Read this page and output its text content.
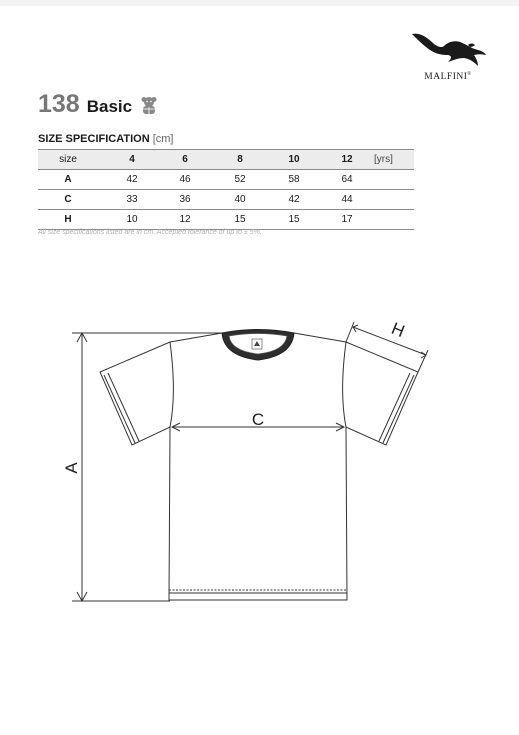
MALFINI®
138 Basic
SIZE SPECIFICATION [cm]
size	4	6	8	10	12	[yrs]
A	42	46	52	58	64
C	33	36	40	42	44
H	10	12	15	15	17
All size specifications listed are in cm. Accepted tolerance of up to ± 5%.
A
C
H
